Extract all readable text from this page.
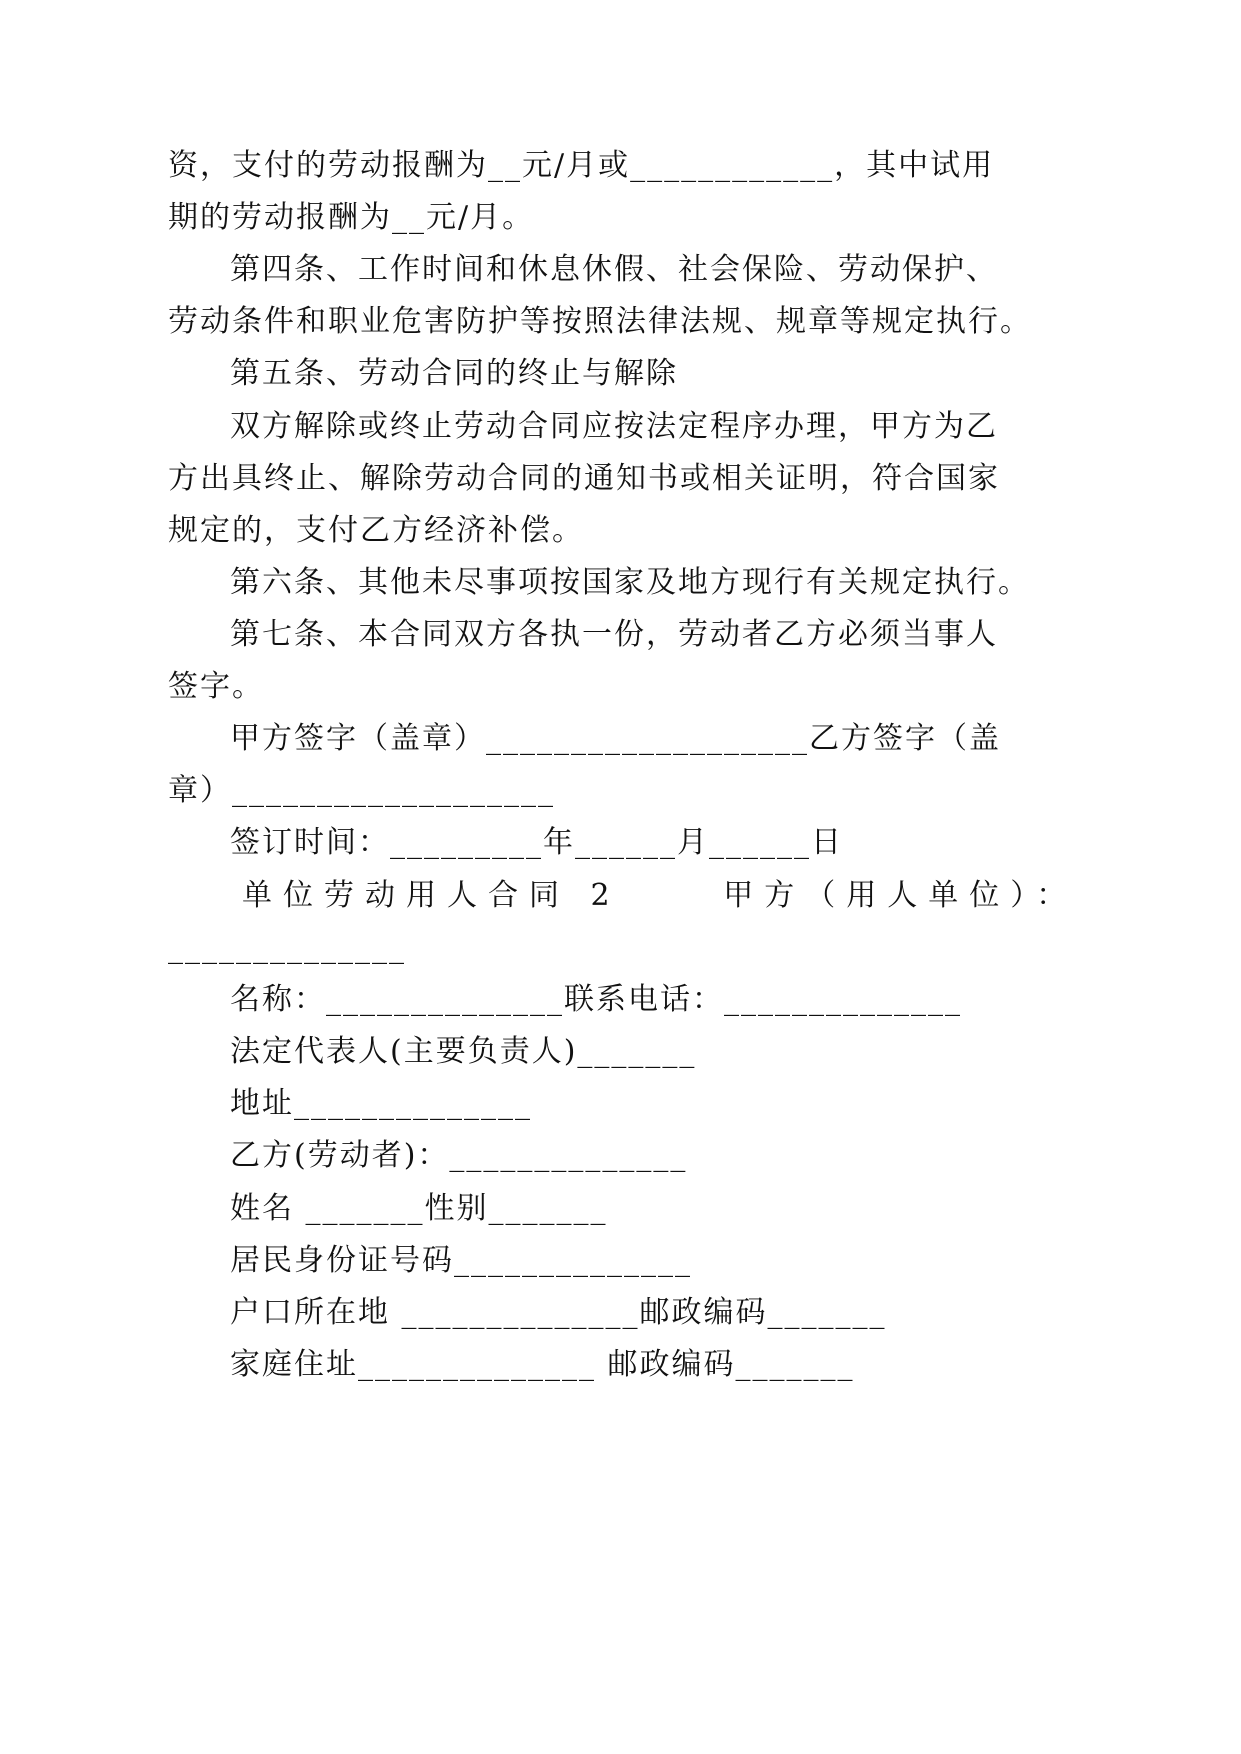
资，支付的劳动报酬为__元/月或____________，其中试用
期的劳动报酬为__元/月。
第四条、工作时间和休息休假、社会保险、劳动保护、
劳动条件和职业危害防护等按照法律法规、规章等规定执行。
第五条、劳动合同的终止与解除
双方解除或终止劳动合同应按法定程序办理，甲方为乙
方出具终止、解除劳动合同的通知书或相关证明，符合国家
规定的，支付乙方经济补偿。
第六条、其他未尽事项按国家及地方现行有关规定执行。
第七条、本合同双方各执一份，劳动者乙方必须当事人
签字。
甲方签字（盖章）___________________乙方签字（盖
章）___________________
签订时间：_________年______月______日
单位劳动用人合同 2     甲方（用人单位）：
______________
名称：______________联系电话：______________
法定代表人(主要负责人)_______
地址______________
乙方(劳动者)：______________
姓名 _______性别_______
居民身份证号码______________
户口所在地 ______________邮政编码_______
家庭住址______________ 邮政编码_______
